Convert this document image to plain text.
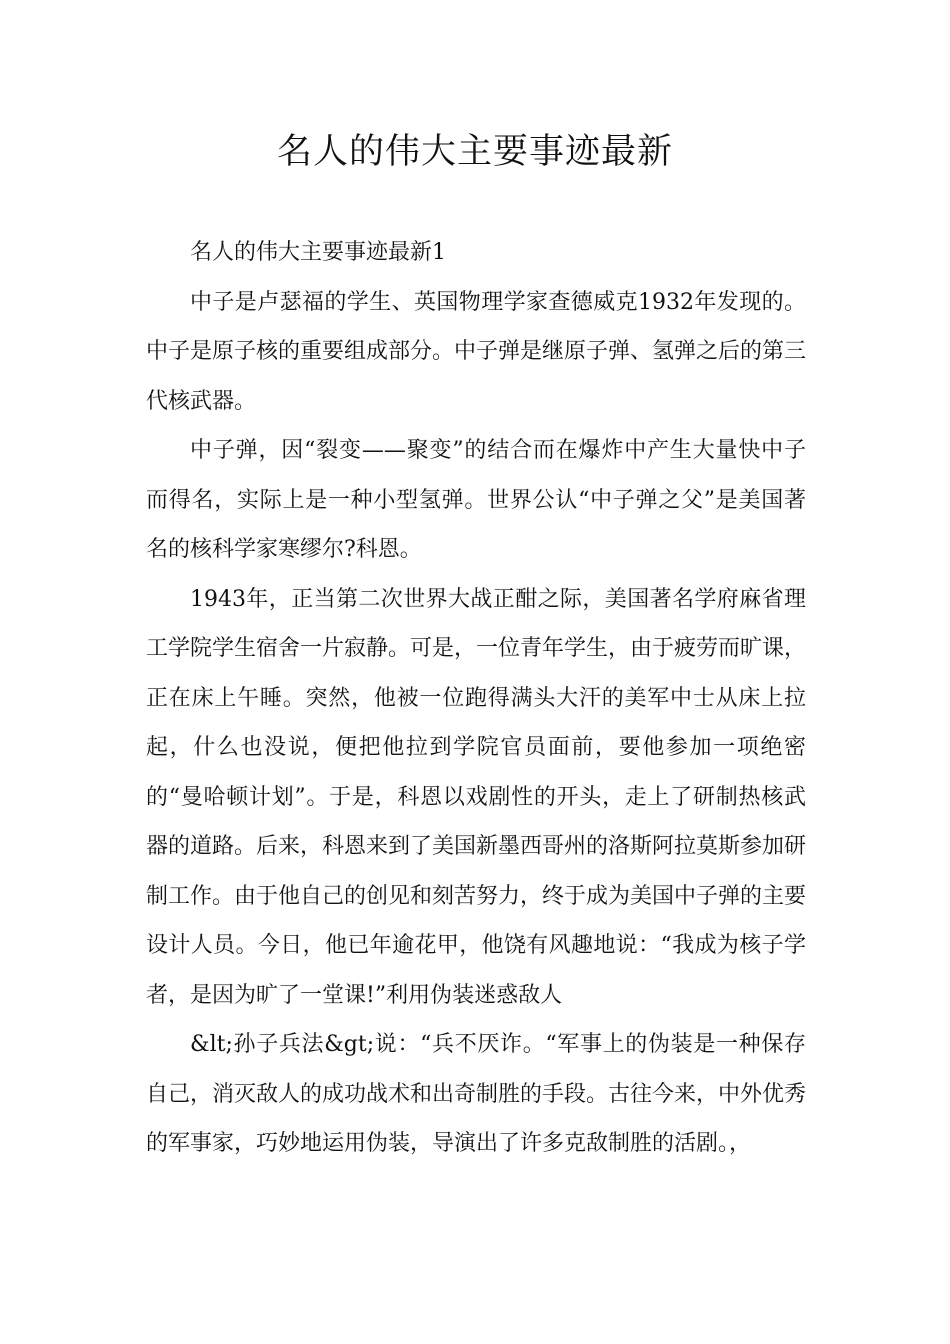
名人的伟大主要事迹最新

名人的伟大主要事迹最新1

中子是卢瑟福的学生、英国物理学家查德威克1932年发现的。中子是原子核的重要组成部分。中子弹是继原子弹、氢弹之后的第三代核武器。

中子弹，因“裂变——聚变”的结合而在爆炸中产生大量快中子而得名，实际上是一种小型氢弹。世界公认“中子弹之父”是美国著名的核科学家寒缪尔?科恩。

1943年，正当第二次世界大战正酣之际，美国著名学府麻省理工学院学生宿舍一片寂静。可是，一位青年学生，由于疲劳而旷课，正在床上午睡。突然，他被一位跑得满头大汗的美军中士从床上拉起，什么也没说，便把他拉到学院官员面前，要他参加一项绝密的“曼哈顿计划”。于是，科恩以戏剧性的开头，走上了研制热核武器的道路。后来，科恩来到了美国新墨西哥州的洛斯阿拉莫斯参加研制工作。由于他自己的创见和刻苦努力，终于成为美国中子弹的主要设计人员。今日，他已年逾花甲，他饶有风趣地说：“我成为核子学者，是因为旷了一堂课!”利用伪装迷惑敌人

&lt;孙子兵法&gt;说：“兵不厌诈。“军事上的伪装是一种保存自己，消灭敌人的成功战术和出奇制胜的手段。古往今来，中外优秀的军事家，巧妙地运用伪装，导演出了许多克敌制胜的活剧。，
